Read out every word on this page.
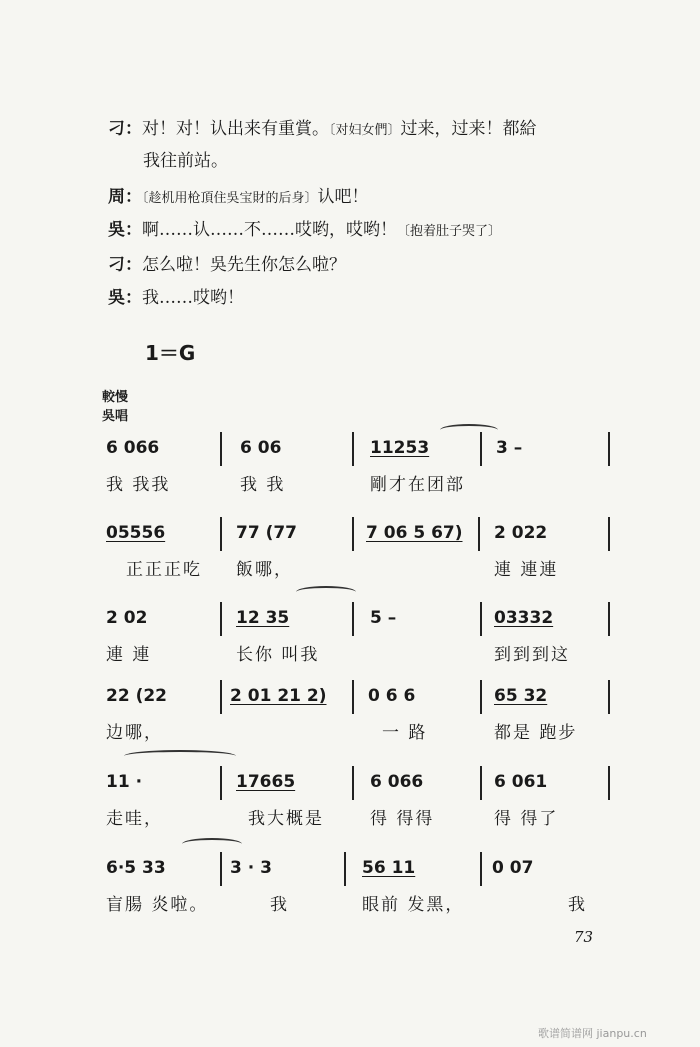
刁：对！对！认出来有重賞。〔对妇女們〕过来，过来！都給
我往前站。
周：〔趁机用枪頂住吳宝財的后身〕认吧！
吳：啊……认……不……哎哟，哎哟！〔抱着肚子哭了〕
刁：怎么啦！吳先生你怎么啦？
吳：我……哎哟！
1＝G
較慢
吳唱
6 066
我 我我
6 06
我 我
11253
剛才在团部
3 –
05556
正正正吃
77 (77
飯哪，
7 06 5 67) 2 022
連 連連
2 02
連 連
12 35
长你 叫我
5 –	03332
到到到这
22 (22
边哪，
2 01 21 2) 0 6 6
一 路
65 32
都是 跑步
11 ·
走哇，
17665
我大概是
6 066
得 得得
6 061
得 得了
6·5 33
盲腸 炎啦。
3 · 3
我
56 11
眼前 发黑，
0 07
我
73
歌谱简谱网 jianpu.cn
